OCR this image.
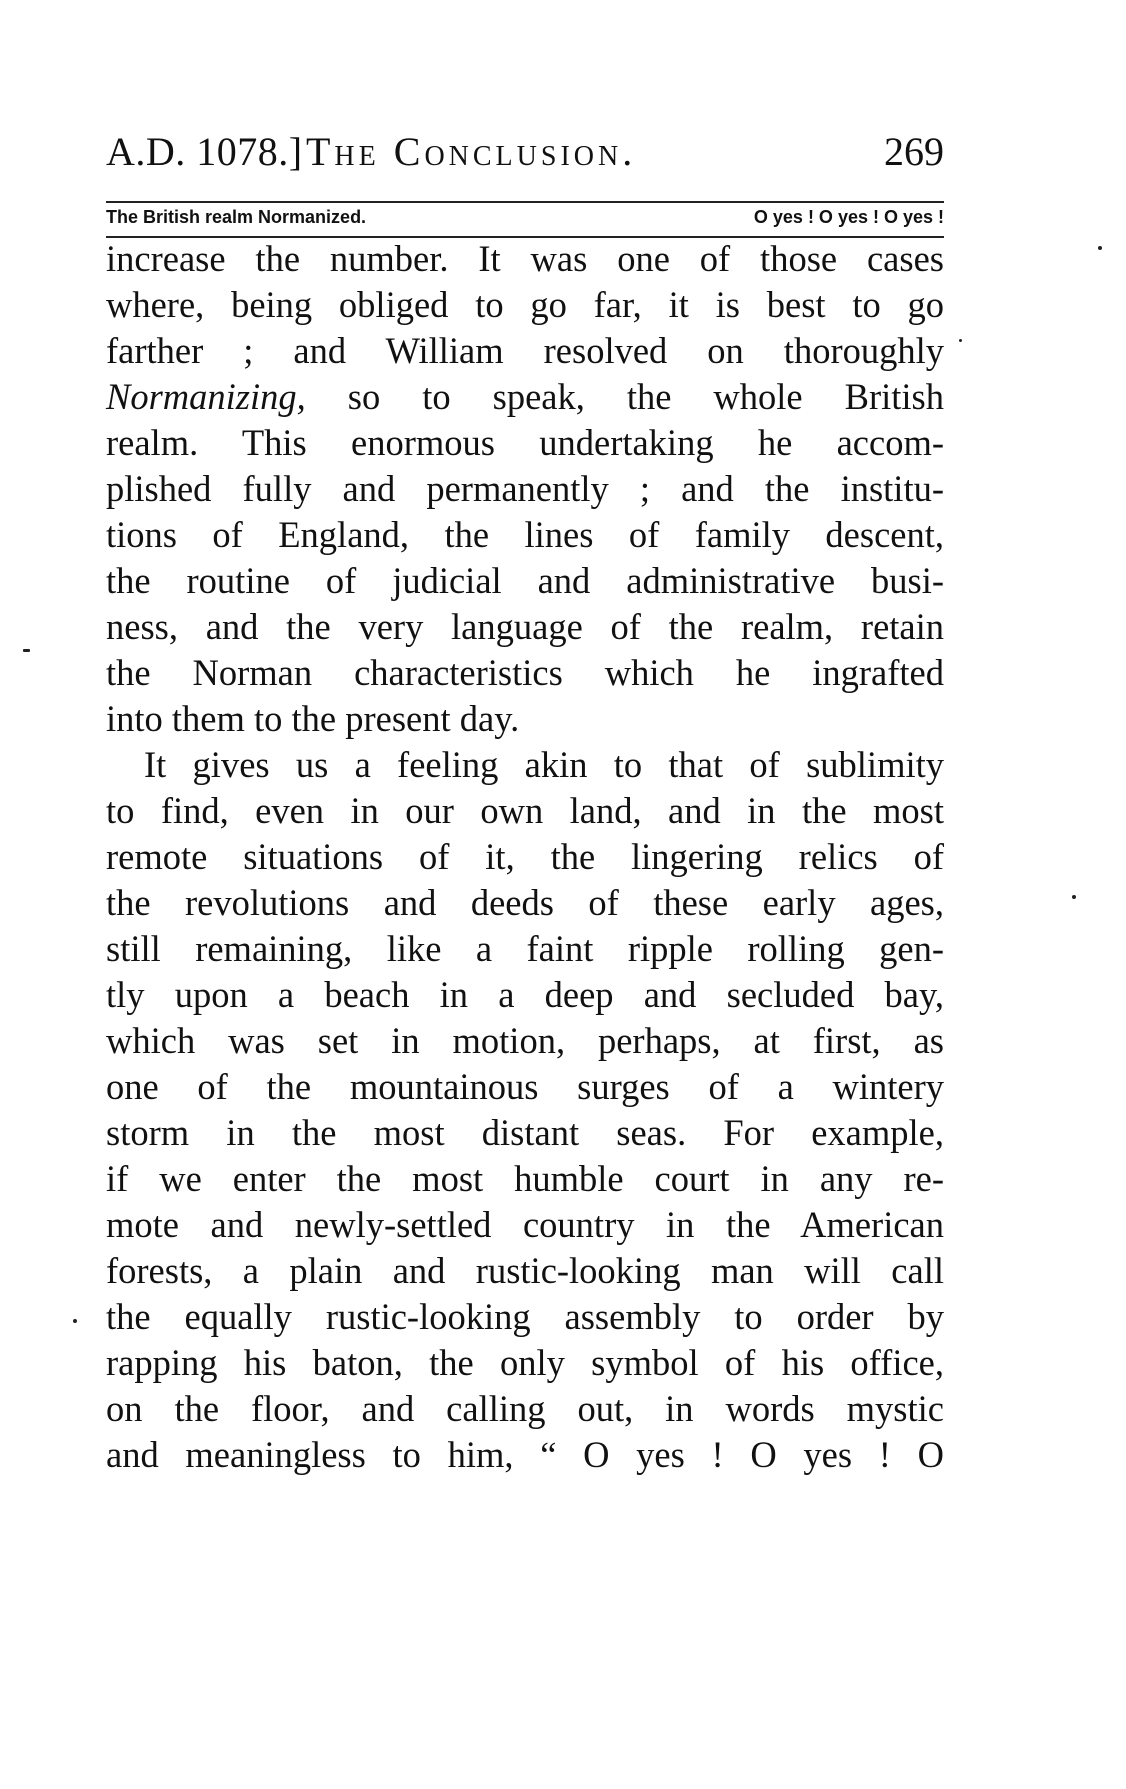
A.D. 1078.] The Conclusion.	269
The British realm Normanized.	O yes ! O yes ! O yes !
increase the number. It was one of those cases
where, being obliged to go far, it is best to go
farther ; and William resolved on thoroughly
Normanizing, so to speak, the whole British
realm. This enormous undertaking he accom-
plished fully and permanently ; and the institu-
tions of England, the lines of family descent,
the routine of judicial and administrative busi-
ness, and the very language of the realm, retain
the Norman characteristics which he ingrafted
into them to the present day.
It gives us a feeling akin to that of sublimity
to find, even in our own land, and in the most
remote situations of it, the lingering relics of
the revolutions and deeds of these early ages,
still remaining, like a faint ripple rolling gen-
tly upon a beach in a deep and secluded bay,
which was set in motion, perhaps, at first, as
one of the mountainous surges of a wintery
storm in the most distant seas. For example,
if we enter the most humble court in any re-
mote and newly-settled country in the American
forests, a plain and rustic-looking man will call
the equally rustic-looking assembly to order by
rapping his baton, the only symbol of his office,
on the floor, and calling out, in words mystic
and meaningless to him, “ O yes ! O yes ! O
